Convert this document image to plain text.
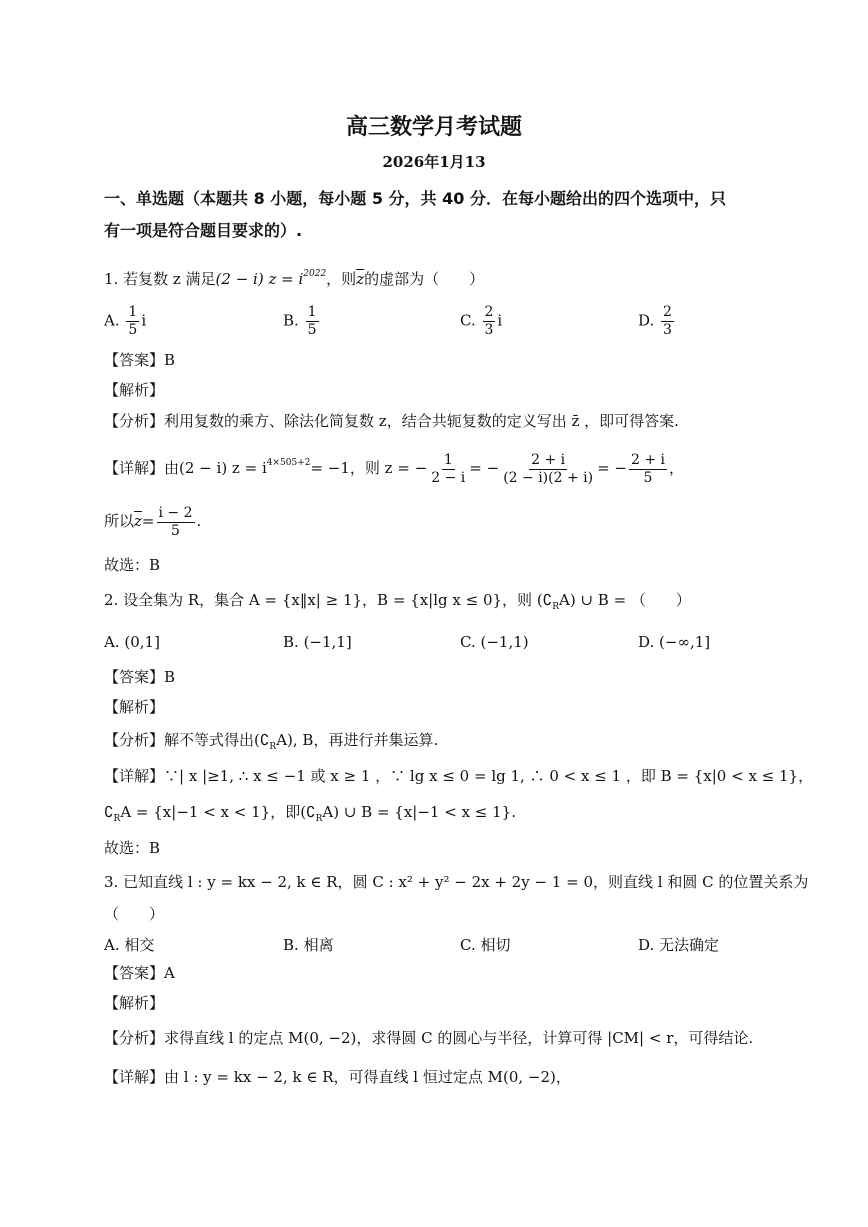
高三数学月考试题
2026年1月13
一、单选题（本题共 8 小题，每小题 5 分，共 40 分．在每小题给出的四个选项中，只
有一项是符合题目要求的）.
1. 若复数 z 满足(2 − i) $z = i^{2022}$，则$\overline{z}$的虚部为（　　）
A. $\frac{1}{5}$ i	B. $\frac{1}{5}$	C. $\frac{2}{3}$ i	D. $\frac{2}{3}$
【答案】B
【解析】
【分析】利用复数的乘方、除法化简复数 z，结合共轭复数的定义写出 z̄ ，即可得答案.
【详解】由(2 − i) $z = i^{4\times 505+2}= -1$，则 z = − $\frac{1}{2 - i}$ = − $\frac{2 + i}{(2 - i)(2 + i)}$ = − $\frac{2 + i}{5}$ ，
所以$\overline{z}= \frac{i - 2}{5}$ .
故选：B
2. 设全集为 R，集合 A = {x‖x| ≥ 1}，B = {x|lg x ≤ 0}，则 $(∁_RA)$ ∪ B = （　　）
A. (0,1]	B. (−1,1]	C. (−1,1)	D. (−∞,1]
【答案】B
【解析】
【分析】解不等式得出$(∁_RA)$, B，再进行并集运算.
【详解】∵| x |≥1, ∴ x ≤ −1 或 x ≥ 1 ，∵ lg x ≤ 0 = lg 1, ∴ 0 < x ≤ 1 ，即 B = {x|0 < x ≤ 1}，
$∁_RA = \{x|-1 < x < 1\}$，即$(∁_RA)$ ∪ B = {x|−1 < x ≤ 1}.
故选：B
3. 已知直线 l : y = kx − 2, k ∈ R，圆 C : x² + y² − 2x + 2y − 1 = 0，则直线 l 和圆 C 的位置关系为
（　　）
A. 相交	B. 相离	C. 相切	D. 无法确定
【答案】A
【解析】
【分析】求得直线 l 的定点 M(0, −2)，求得圆 C 的圆心与半径，计算可得 |CM| < r，可得结论.
【详解】由 l : y = kx − 2, k ∈ R，可得直线 l 恒过定点 M(0, −2)，
